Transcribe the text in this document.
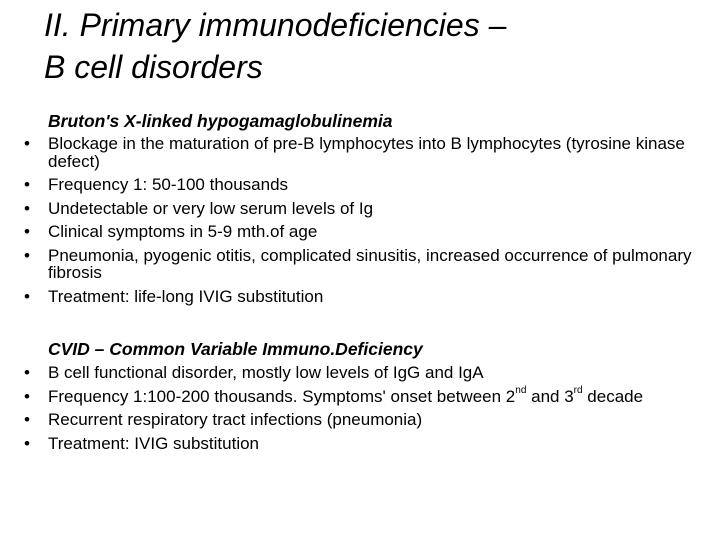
II. Primary immunodeficiencies –
B cell disorders
Bruton's X-linked hypogamaglobulinemia
• Blockage in the maturation of pre-B lymphocytes into B lymphocytes (tyrosine kinase defect)
• Frequency 1: 50-100 thousands
• Undetectable or very low serum levels of Ig
• Clinical symptoms in 5-9 mth.of age
• Pneumonia, pyogenic otitis, complicated sinusitis, increased occurrence of pulmonary fibrosis
• Treatment: life-long IVIG substitution
CVID – Common Variable Immuno.Deficiency
• B cell functional disorder, mostly low levels of IgG and IgA
• Frequency 1:100-200 thousands. Symptoms' onset between 2nd and 3rd decade
• Recurrent respiratory tract infections (pneumonia)
• Treatment: IVIG substitution
